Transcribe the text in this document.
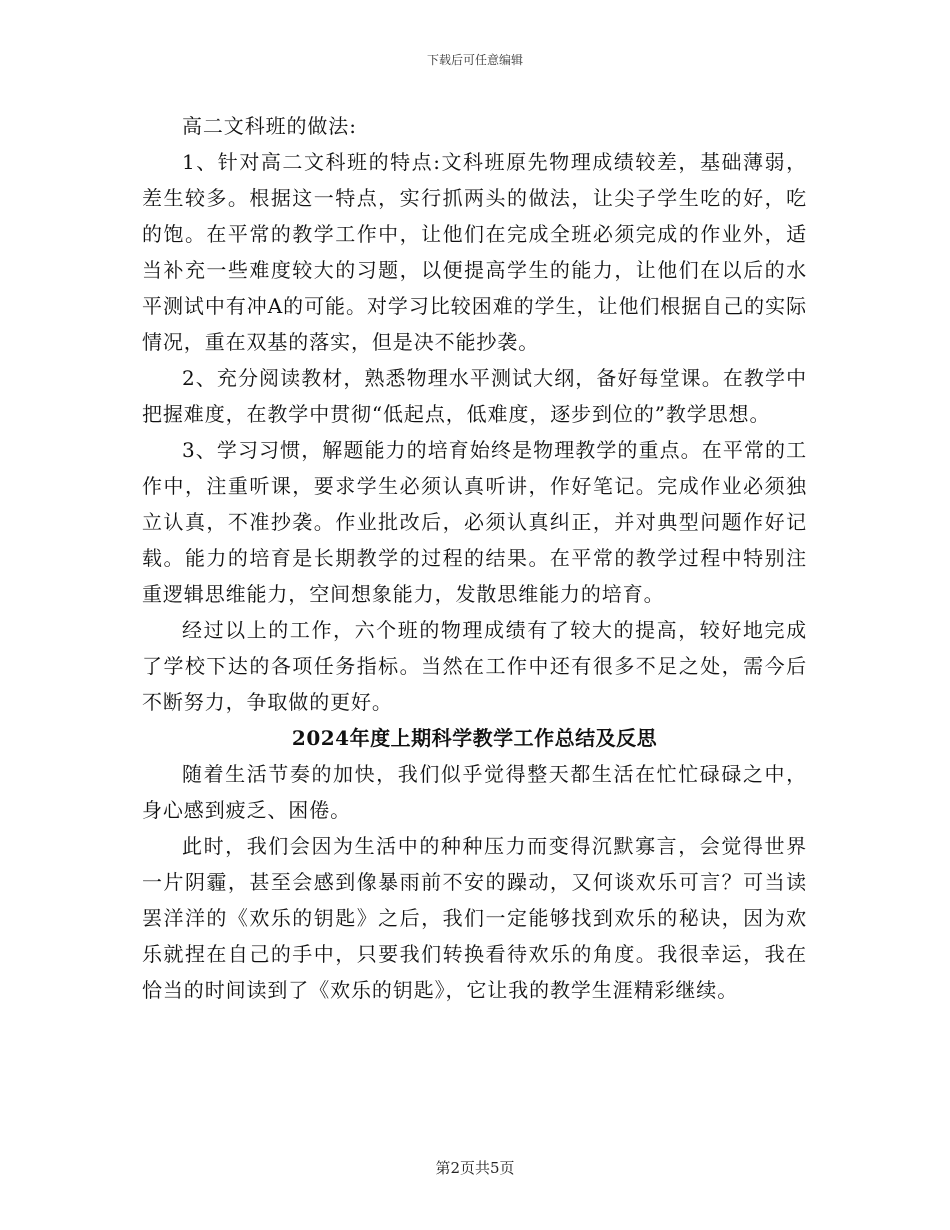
下载后可任意编辑

高二文科班的做法:

1、针对高二文科班的特点:文科班原先物理成绩较差，基础薄弱，差生较多。根据这一特点，实行抓两头的做法，让尖子学生吃的好，吃的饱。在平常的教学工作中，让他们在完成全班必须完成的作业外，适当补充一些难度较大的习题，以便提高学生的能力，让他们在以后的水平测试中有冲A的可能。对学习比较困难的学生，让他们根据自己的实际情况，重在双基的落实，但是决不能抄袭。

2、充分阅读教材，熟悉物理水平测试大纲，备好每堂课。在教学中把握难度，在教学中贯彻“低起点，低难度，逐步到位的”教学思想。

3、学习习惯，解题能力的培育始终是物理教学的重点。在平常的工作中，注重听课，要求学生必须认真听讲，作好笔记。完成作业必须独立认真，不准抄袭。作业批改后，必须认真纠正，并对典型问题作好记载。能力的培育是长期教学的过程的结果。在平常的教学过程中特别注重逻辑思维能力，空间想象能力，发散思维能力的培育。

经过以上的工作，六个班的物理成绩有了较大的提高，较好地完成了学校下达的各项任务指标。当然在工作中还有很多不足之处，需今后不断努力，争取做的更好。

2024年度上期科学教学工作总结及反思

随着生活节奏的加快，我们似乎觉得整天都生活在忙忙碌碌之中，身心感到疲乏、困倦。

此时，我们会因为生活中的种种压力而变得沉默寡言，会觉得世界一片阴霾，甚至会感到像暴雨前不安的躁动，又何谈欢乐可言？可当读罢洋洋的《欢乐的钥匙》之后，我们一定能够找到欢乐的秘诀，因为欢乐就捏在自己的手中，只要我们转换看待欢乐的角度。我很幸运，我在恰当的时间读到了《欢乐的钥匙》，它让我的教学生涯精彩继续。

第2页共5页
